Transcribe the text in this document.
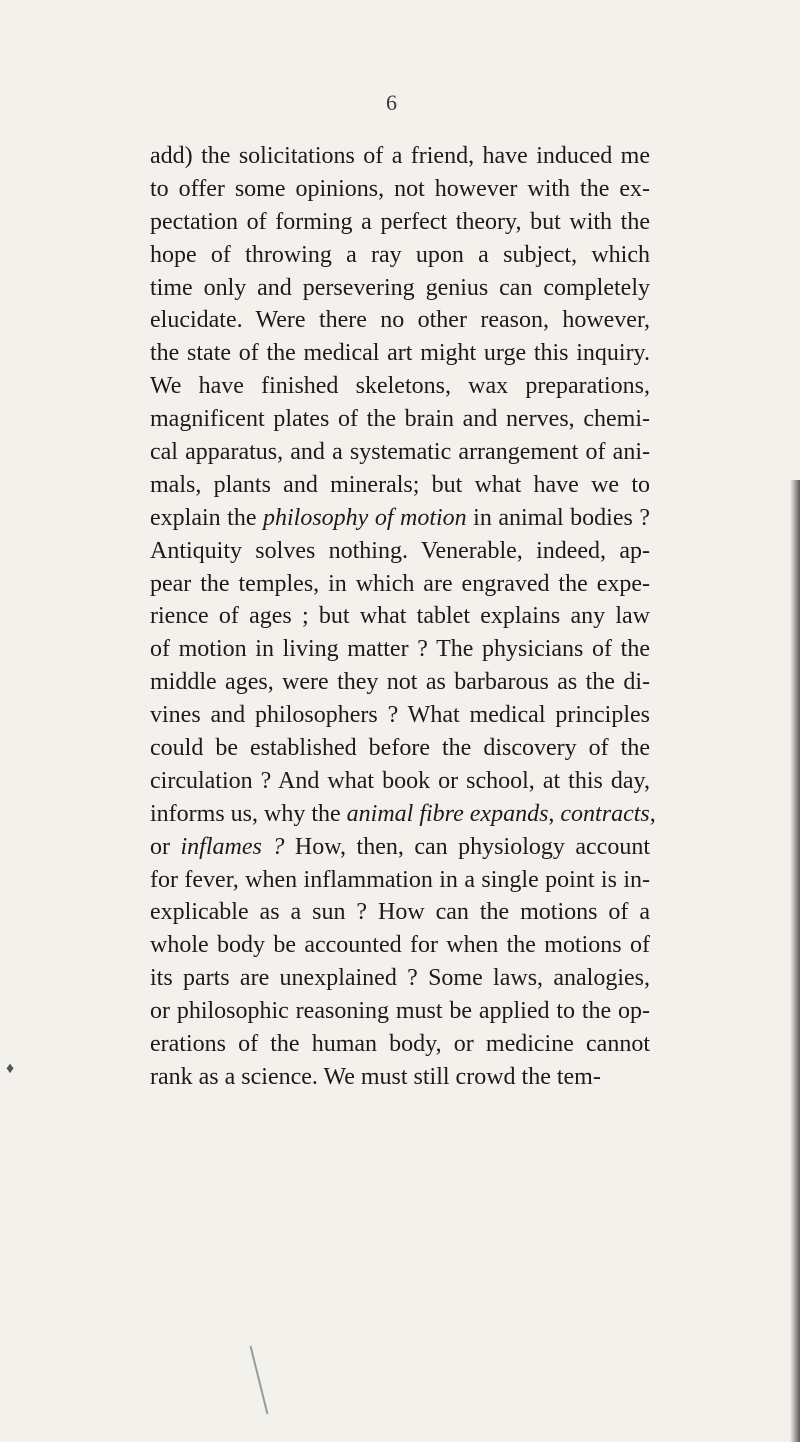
6
add) the solicitations of a friend, have induced me
to offer some opinions, not however with the ex-
pectation of forming a perfect theory, but with the
hope of throwing a ray upon a subject, which
time only and persevering genius can completely
elucidate. Were there no other reason, however,
the state of the medical art might urge this inquiry.
We have finished skeletons, wax preparations,
magnificent plates of the brain and nerves, chemi-
cal apparatus, and a systematic arrangement of ani-
mals, plants and minerals; but what have we to
explain the philosophy of motion in animal bodies ?
Antiquity solves nothing. Venerable, indeed, ap-
pear the temples, in which are engraved the expe-
rience of ages ; but what tablet explains any law
of motion in living matter ? The physicians of the
middle ages, were they not as barbarous as the di-
vines and philosophers ? What medical principles
could be established before the discovery of the
circulation ? And what book or school, at this day,
informs us, why the animal fibre expands, contracts,
or inflames ? How, then, can physiology account
for fever, when inflammation in a single point is in-
explicable as a sun ? How can the motions of a
whole body be accounted for when the motions of
its parts are unexplained ? Some laws, analogies,
or philosophic reasoning must be applied to the op-
erations of the human body, or medicine cannot
rank as a science. We must still crowd the tem-
♦
